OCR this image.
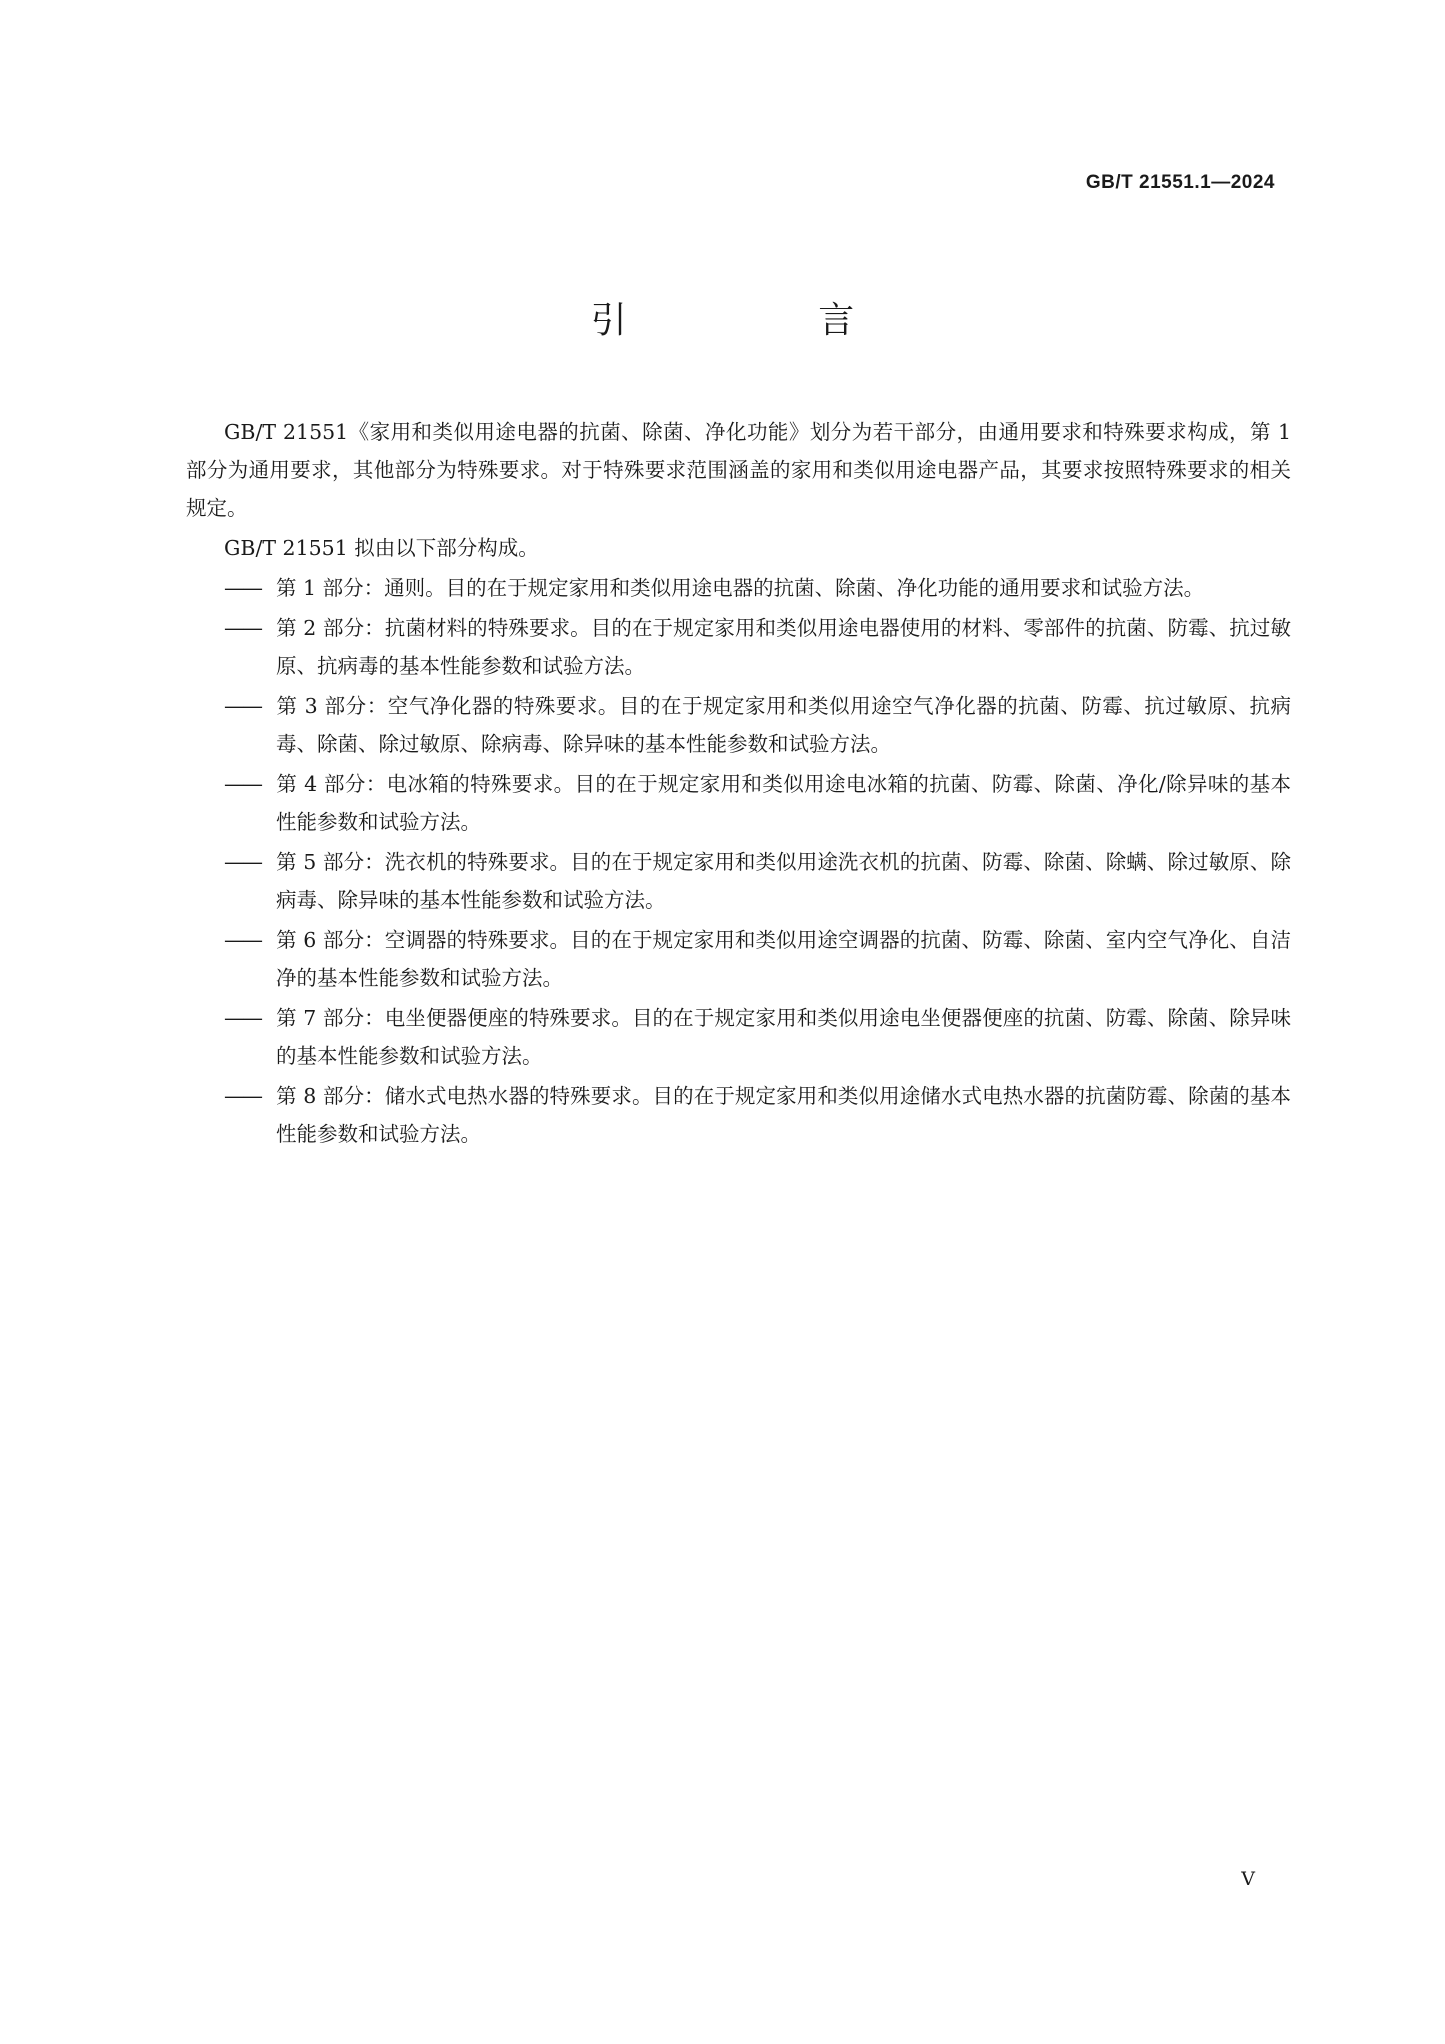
GB/T 21551.1—2024
引 言

GB/T 21551《家用和类似用途电器的抗菌、除菌、净化功能》划分为若干部分，由通用要求和特殊要求构成，第 1 部分为通用要求，其他部分为特殊要求。对于特殊要求范围涵盖的家用和类似用途电器产品，其要求按照特殊要求的相关规定。

GB/T 21551 拟由以下部分构成。

—— 第 1 部分：通则。目的在于规定家用和类似用途电器的抗菌、除菌、净化功能的通用要求和试验方法。

—— 第 2 部分：抗菌材料的特殊要求。目的在于规定家用和类似用途电器使用的材料、零部件的抗菌、防霉、抗过敏原、抗病毒的基本性能参数和试验方法。

—— 第 3 部分：空气净化器的特殊要求。目的在于规定家用和类似用途空气净化器的抗菌、防霉、抗过敏原、抗病毒、除菌、除过敏原、除病毒、除异味的基本性能参数和试验方法。

—— 第 4 部分：电冰箱的特殊要求。目的在于规定家用和类似用途电冰箱的抗菌、防霉、除菌、净化/除异味的基本性能参数和试验方法。

—— 第 5 部分：洗衣机的特殊要求。目的在于规定家用和类似用途洗衣机的抗菌、防霉、除菌、除螨、除过敏原、除病毒、除异味的基本性能参数和试验方法。

—— 第 6 部分：空调器的特殊要求。目的在于规定家用和类似用途空调器的抗菌、防霉、除菌、室内空气净化、自洁净的基本性能参数和试验方法。

—— 第 7 部分：电坐便器便座的特殊要求。目的在于规定家用和类似用途电坐便器便座的抗菌、防霉、除菌、除异味的基本性能参数和试验方法。

—— 第 8 部分：储水式电热水器的特殊要求。目的在于规定家用和类似用途储水式电热水器的抗菌防霉、除菌的基本性能参数和试验方法。

V
